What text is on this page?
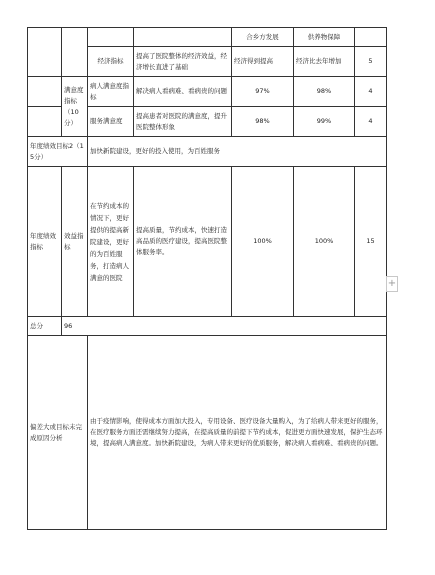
				合乡方发展	供养物保障	
		经济指标	提高了医院整体的经济效益，经济增长直进了基础	经济得到提高	经济比去年增加	5
	满意度指标（10分）	病人满意度指标	解决病人看病难、看病贵的问题	97%	98%	4
		服务满意度	提高患者对医院的满意度，提升医院整体形象	98%	99%	4
年度绩效目标2（15分）		加快新院建设，更好的投入使用，为百姓服务				
年度绩效指标	效益指标	在节约成本的情况下，更好提供的提高新院建设，更好的为百姓服务，打造病人满意的医院	提高质量，节约成本，快速打造高品质的医疗建设，提高医院整体服务率。	100%	100%	15
总分	96					
偏差大或目标未完成原因分析		由于疫情影响，使得成本方面加大投入，专用设备、医疗设备大量购入，为了给病人带来更好的服务，在医疗服务方面还需继续努力提高，在提高质量的前提下节约成本，促进更方面快速发展，保护生态环境，提高病人满意度。加快新院建设，为病人带来更好的优质服务，解决病人看病难、看病贵的问题。				
+
